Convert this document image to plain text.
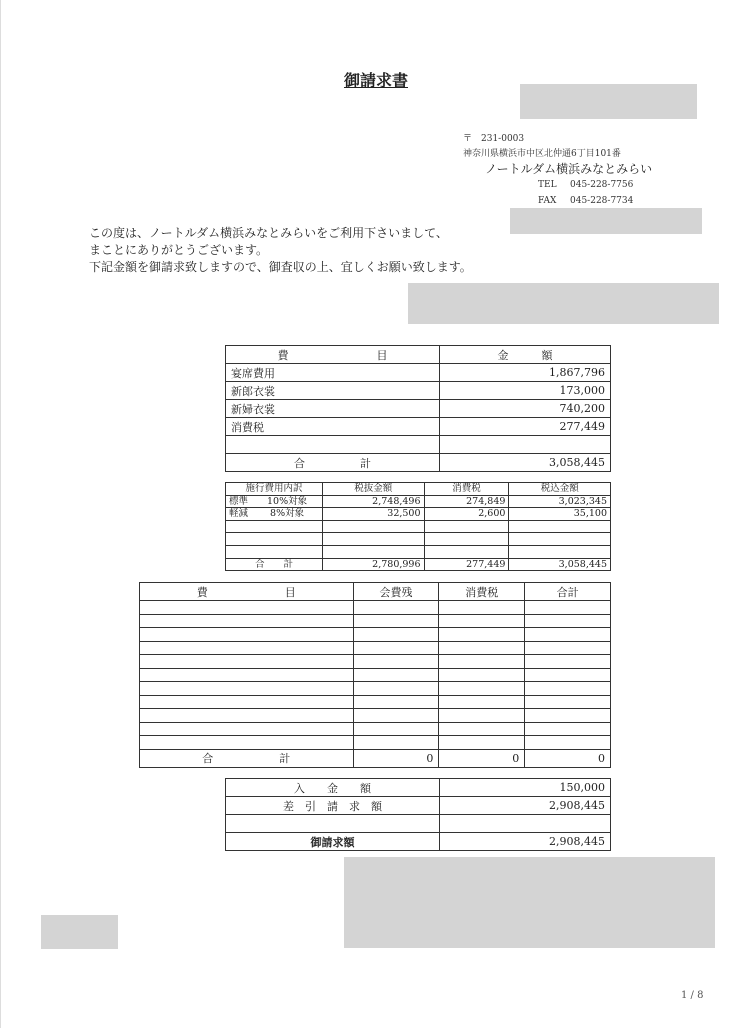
御請求書
〒　231-0003
神奈川県横浜市中区北仲通6丁目101番
ノートルダム横浜みなとみらい
TEL 045-228-7756
FAX 045-228-7734
この度は、ノートルダム横浜みなとみらいをご利用下さいまして、
まことにありがとうございます。
下記金額を御請求致しますので、御査収の上、宜しくお願い致します。
費　　　　　　　　目	金　　　額
宴席費用	1,867,796
新郎衣裳	173,000
新婦衣裳	740,200
消費税	277,449

合　　　　　計	3,058,445
施行費用内訳	税抜金額	消費税	税込金額
標準　　10%対象	2,748,496	274,849	3,023,345
軽減　　 8%対象	32,500	2,600	35,100

合　　計	2,780,996	277,449	3,058,445
費　　　　　　　目	会費残	消費税	合計

合　　　　　　計	0	0	0
入　　金　　額	150,000
差　引　請　求　額	2,908,445

御請求額	2,908,445
1 / 8
